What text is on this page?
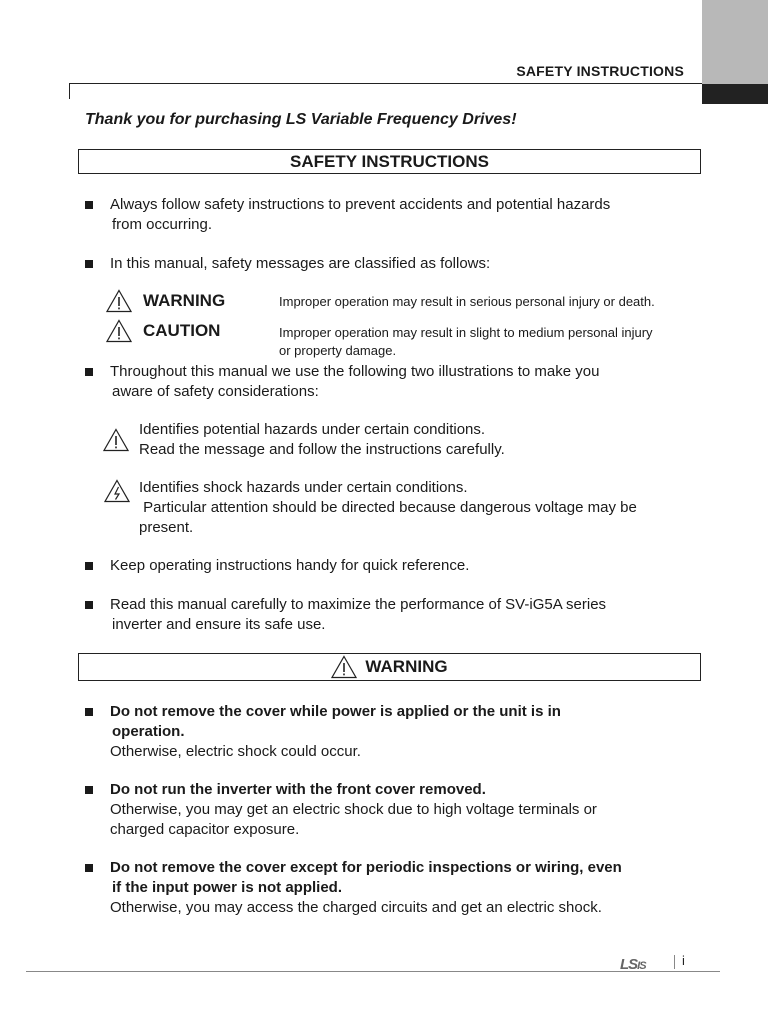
SAFETY INSTRUCTIONS
Thank you for purchasing LS Variable Frequency Drives!
SAFETY INSTRUCTIONS
Always follow safety instructions to prevent accidents and potential hazards
from occurring.
In this manual, safety messages are classified as follows:
WARNING	Improper operation may result in serious personal injury or death.
CAUTION	Improper operation may result in slight to medium personal injury
or property damage.
Throughout this manual we use the following two illustrations to make you
aware of safety considerations:
Identifies potential hazards under certain conditions.
Read the message and follow the instructions carefully.
Identifies shock hazards under certain conditions.
Particular attention should be directed because dangerous voltage may be
present.
Keep operating instructions handy for quick reference.
Read this manual carefully to maximize the performance of SV-iG5A series
inverter and ensure its safe use.
WARNING
Do not remove the cover while power is applied or the unit is in
operation.
Otherwise, electric shock could occur.
Do not run the inverter with the front cover removed.
Otherwise, you may get an electric shock due to high voltage terminals or
charged capacitor exposure.
Do not remove the cover except for periodic inspections or wiring, even
if the input power is not applied.
Otherwise, you may access the charged circuits and get an electric shock.
LSIS	i
